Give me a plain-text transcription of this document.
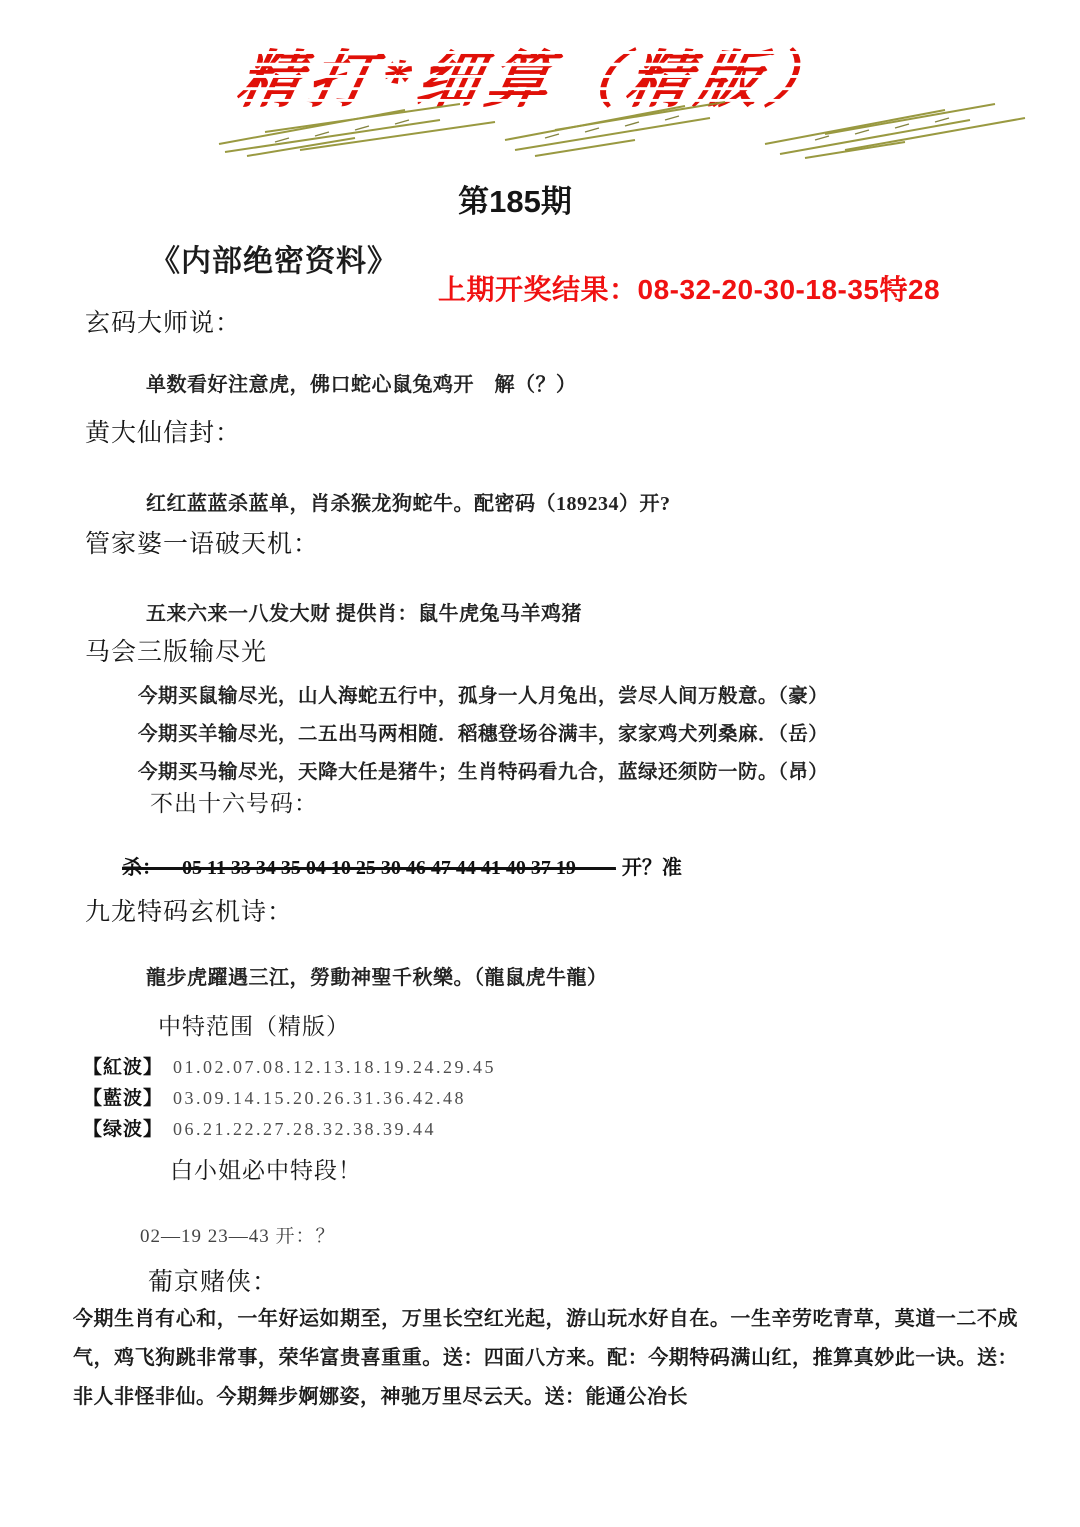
精打*细算（精版）
第185期
《内部绝密资料》
上期开奖结果：08-32-20-30-18-35特28
玄码大师说：
单数看好注意虎，佛口蛇心鼠兔鸡开　解（？）
黄大仙信封：
红红蓝蓝杀蓝单，肖杀猴龙狗蛇牛。配密码（189234）开?
管家婆一语破天机：
五来六来一八发大财 提供肖：鼠牛虎兔马羊鸡猪
马会三版输尽光
今期买鼠输尽光，山人海蛇五行中，孤身一人月兔出，尝尽人间万般意。（豪）
今期买羊输尽光，二五出马两相随．稻穗登场谷满丰，家家鸡犬列桑麻．（岳）
今期买马输尽光，天降大任是猪牛；生肖特码看九合，蓝绿还须防一防。（昂）
不出十六号码：
杀：—05 11 33 34 35 04 10 25 30 46 47 44 41 40 37 19—— 开？准
九龙特码玄机诗：
龍步虎躍遇三江，勞動神聖千秋樂。（龍鼠虎牛龍）
中特范围（精版）
【紅波】 01.02.07.08.12.13.18.19.24.29.45
【藍波】 03.09.14.15.20.26.31.36.42.48
【绿波】 06.21.22.27.28.32.38.39.44
白小姐必中特段！
02—19 23—43 开：？
葡京赌侠：
今期生肖有心和，一年好运如期至，万里长空红光起，游山玩水好自在。一生辛劳吃青草，莫道一二不成气，鸡飞狗跳非常事，荣华富贵喜重重。送：四面八方来。配：今期特码满山红，推算真妙此一诀。送：非人非怪非仙。今期舞步婀娜姿，神驰万里尽云天。送：能通公冶长
